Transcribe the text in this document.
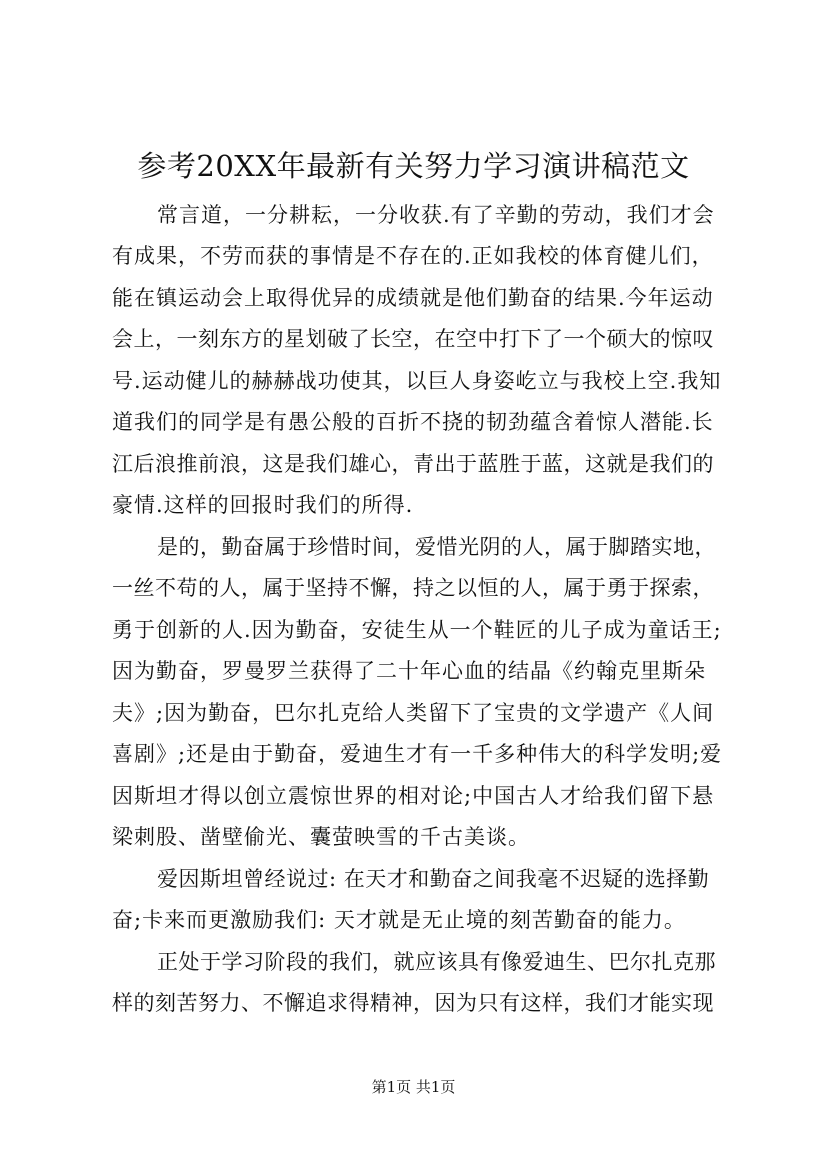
参考20XX年最新有关努力学习演讲稿范文
常言道，一分耕耘，一分收获.有了辛勤的劳动，我们才会
有成果，不劳而获的事情是不存在的.正如我校的体育健儿们，
能在镇运动会上取得优异的成绩就是他们勤奋的结果.今年运动
会上，一刻东方的星划破了长空，在空中打下了一个硕大的惊叹
号.运动健儿的赫赫战功使其，以巨人身姿屹立与我校上空.我知
道我们的同学是有愚公般的百折不挠的韧劲蕴含着惊人潜能.长
江后浪推前浪，这是我们雄心，青出于蓝胜于蓝，这就是我们的
豪情.这样的回报时我们的所得.
是的，勤奋属于珍惜时间，爱惜光阴的人，属于脚踏实地，
一丝不苟的人，属于坚持不懈，持之以恒的人，属于勇于探索，
勇于创新的人.因为勤奋，安徒生从一个鞋匠的儿子成为童话王;
因为勤奋，罗曼罗兰获得了二十年心血的结晶《约翰克里斯朵
夫》;因为勤奋，巴尔扎克给人类留下了宝贵的文学遗产《人间
喜剧》;还是由于勤奋，爱迪生才有一千多种伟大的科学发明;爱
因斯坦才得以创立震惊世界的相对论;中国古人才给我们留下悬
梁刺股、凿壁偷光、囊萤映雪的千古美谈。
爱因斯坦曾经说过: 在天才和勤奋之间我毫不迟疑的选择勤
奋;卡来而更激励我们: 天才就是无止境的刻苦勤奋的能力。
正处于学习阶段的我们，就应该具有像爱迪生、巴尔扎克那
样的刻苦努力、不懈追求得精神，因为只有这样，我们才能实现
第1页 共1页
